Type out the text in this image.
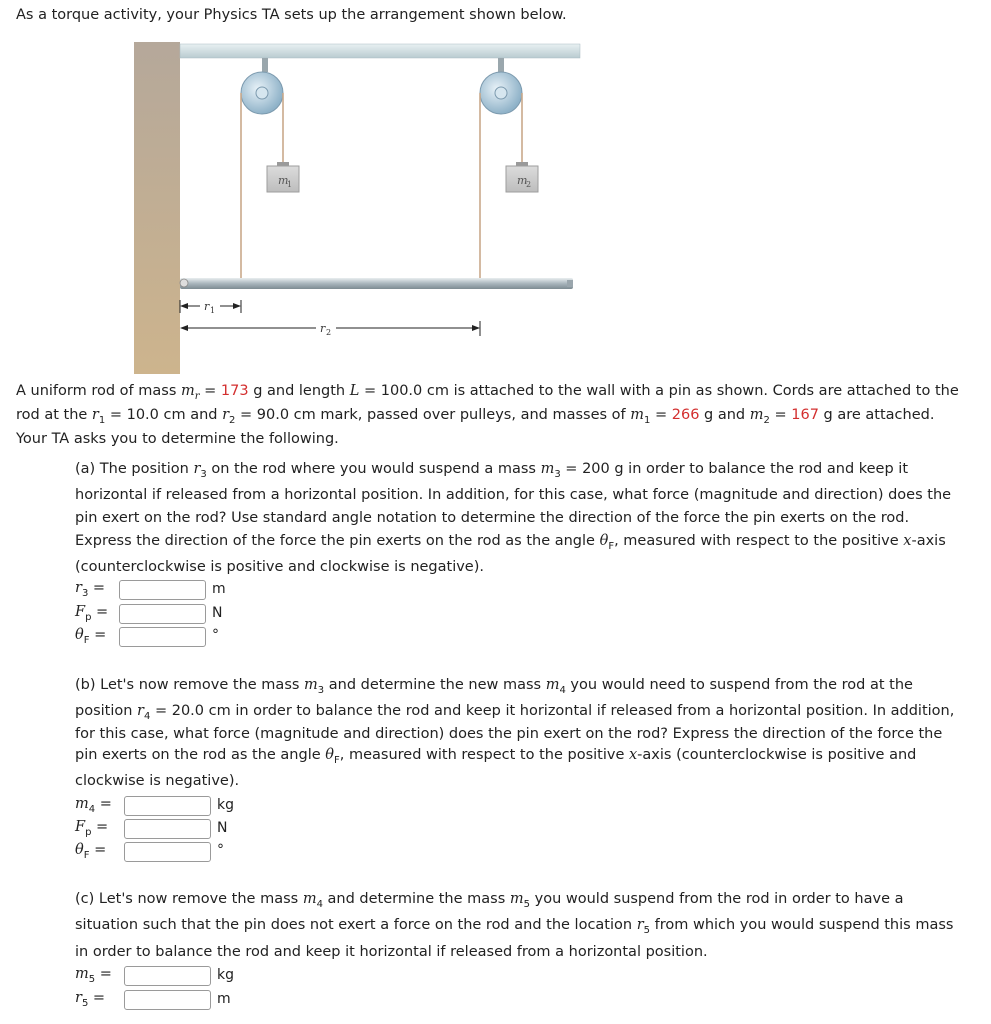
As a torque activity, your Physics TA sets up the arrangement shown below.
m
1	m
2
r 1
r 2
A uniform rod of mass $m_r = 173$ g and length L = 100.0 cm is attached to the wall with a pin as shown. Cords are attached to the
rod at the $r_1 = 10.0$ cm and $r_2 = 90.0$ cm mark, passed over pulleys, and masses of $m_1 = 266$ g and $m_2 = 167$ g are attached.
Your TA asks you to determine the following.
(a) The position $r_3$ on the rod where you would suspend a mass $m_3 = 200$ g in order to balance the rod and keep it
horizontal if released from a horizontal position. In addition, for this case, what force (magnitude and direction) does the
pin exert on the rod? Use standard angle notation to determine the direction of the force the pin exerts on the rod.
Express the direction of the force the pin exerts on the rod as the angle $\theta_F$, measured with respect to the positive x-axis
(counterclockwise is positive and clockwise is negative).
$r_3$ =	m
$F_p$ =	N
$\theta_F$ =	°
(b) Let's now remove the mass $m_3$ and determine the new mass $m_4$ you would need to suspend from the rod at the
position $r_4 = 20.0$ cm in order to balance the rod and keep it horizontal if released from a horizontal position. In addition,
for this case, what force (magnitude and direction) does the pin exert on the rod? Express the direction of the force the
pin exerts on the rod as the angle $\theta_F$, measured with respect to the positive x-axis (counterclockwise is positive and
clockwise is negative).
$m_4$ =	kg
$F_p$ =	N
$\theta_F$ =	°
(c) Let's now remove the mass $m_4$ and determine the mass $m_5$ you would suspend from the rod in order to have a
situation such that the pin does not exert a force on the rod and the location $r_5$ from which you would suspend this mass
in order to balance the rod and keep it horizontal if released from a horizontal position.
$m_5$ =	kg
$r_5$ =	m
